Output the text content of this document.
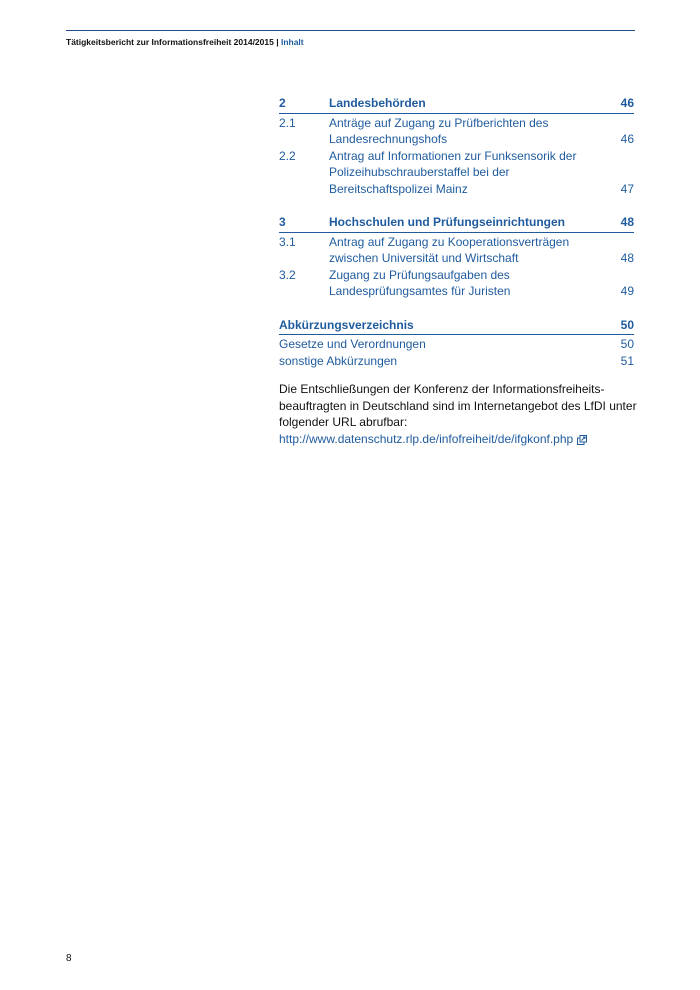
Tätigkeitsbericht zur Informationsfreiheit 2014/2015 | Inhalt
2	Landesbehörden	46
2.1	Anträge auf Zugang zu Prüfberichten des
Landesrechnungshofs	46
2.2	Antrag auf Informationen zur Funksensorik der
Polizeihubschrauberstaffel bei der
Bereitschaftspolizei Mainz	47
3	Hochschulen und Prüfungseinrichtungen	48
3.1	Antrag auf Zugang zu Kooperationsverträgen
zwischen Universität und Wirtschaft	48
3.2	Zugang zu Prüfungsaufgaben des
Landesprüfungsamtes für Juristen	49
Abkürzungsverzeichnis	50
Gesetze und Verordnungen	50
sonstige Abkürzungen	51
Die Entschließungen der Konferenz der Informationsfreiheits-
beauftragten in Deutschland sind im Internetangebot des LfDI unter
folgender URL abrufbar:
http://www.datenschutz.rlp.de/infofreiheit/de/ifgkonf.php
8
